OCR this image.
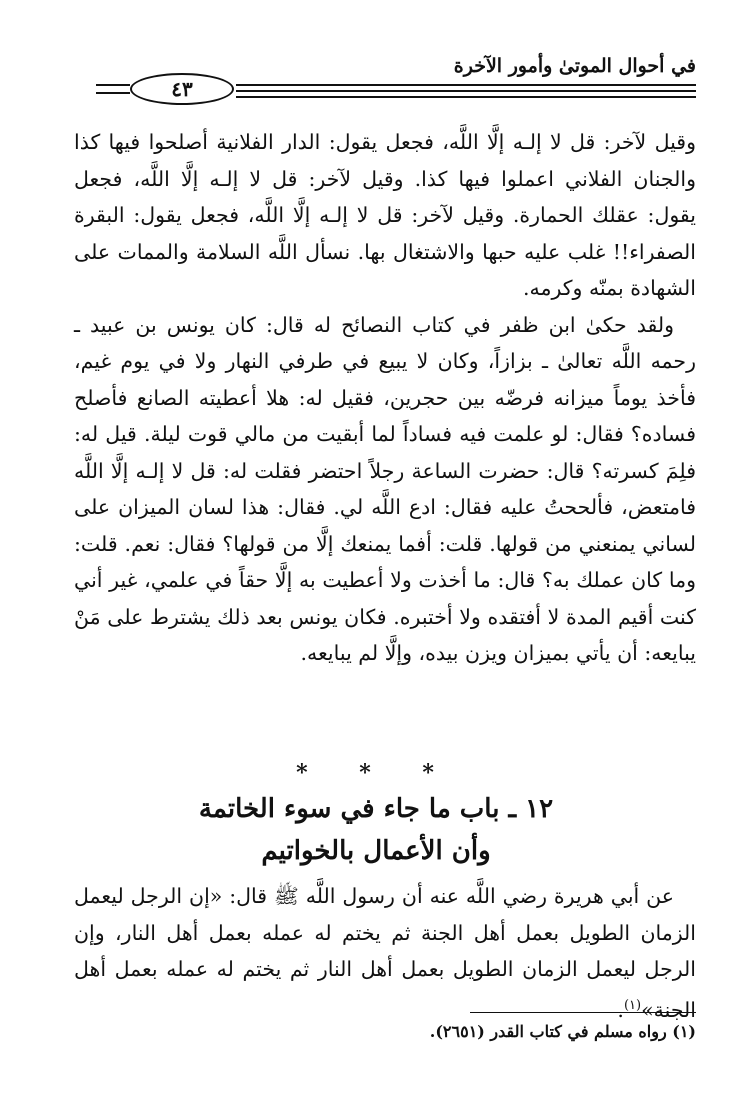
في أحوال الموتىٰ وأمور الآخرة
٤٣

وقيل لآخر: قل لا إلـه إلَّا اللَّه، فجعل يقول: الدار الفلانية أصلحوا فيها كذا والجنان الفلاني اعملوا فيها كذا. وقيل لآخر: قل لا إلـه إلَّا اللَّه، فجعل يقول: عقلك الحمارة. وقيل لآخر: قل لا إلـه إلَّا اللَّه، فجعل يقول: البقرة الصفراء!! غلب عليه حبها والاشتغال بها. نسأل اللَّه السلامة والممات على الشهادة بمنّه وكرمه.

ولقد حكىٰ ابن ظفر في كتاب النصائح له قال: كان يونس بن عبيد ـ رحمه اللَّه تعالىٰ ـ بزازاً، وكان لا يبيع في طرفي النهار ولا في يوم غيم، فأخذ يوماً ميزانه فرضّه بين حجرين، فقيل له: هلا أعطيته الصانع فأصلح فساده؟ فقال: لو علمت فيه فساداً لما أبقيت من مالي قوت ليلة. قيل له: فلِمَ كسرته؟ قال: حضرت الساعة رجلاً احتضر فقلت له: قل لا إلـه إلَّا اللَّه فامتعض، فألححتُ عليه فقال: ادع اللَّه لي. فقال: هذا لسان الميزان على لساني يمنعني من قولها. قلت: أفما يمنعك إلَّا من قولها؟ فقال: نعم. قلت: وما كان عملك به؟ قال: ما أخذت ولا أعطيت به إلَّا حقاً في علمي، غير أني كنت أقيم المدة لا أفتقده ولا أختبره. فكان يونس بعد ذلك يشترط على مَنْ يبايعه: أن يأتي بميزان ويزن بيده، وإلَّا لم يبايعه.

* * *
١٢ ـ باب ما جاء في سوء الخاتمة
وأن الأعمال بالخواتيم
عن أبي هريرة رضي اللَّه عنه أن رسول اللَّه ﷺ قال: «إن الرجل ليعمل الزمان الطويل بعمل أهل الجنة ثم يختم له عمله بعمل أهل النار، وإن الرجل ليعمل الزمان الطويل بعمل أهل النار ثم يختم له عمله بعمل أهل الجنة»$^{(١)}$.
(١) رواه مسلم في كتاب القدر (٢٦٥١).
